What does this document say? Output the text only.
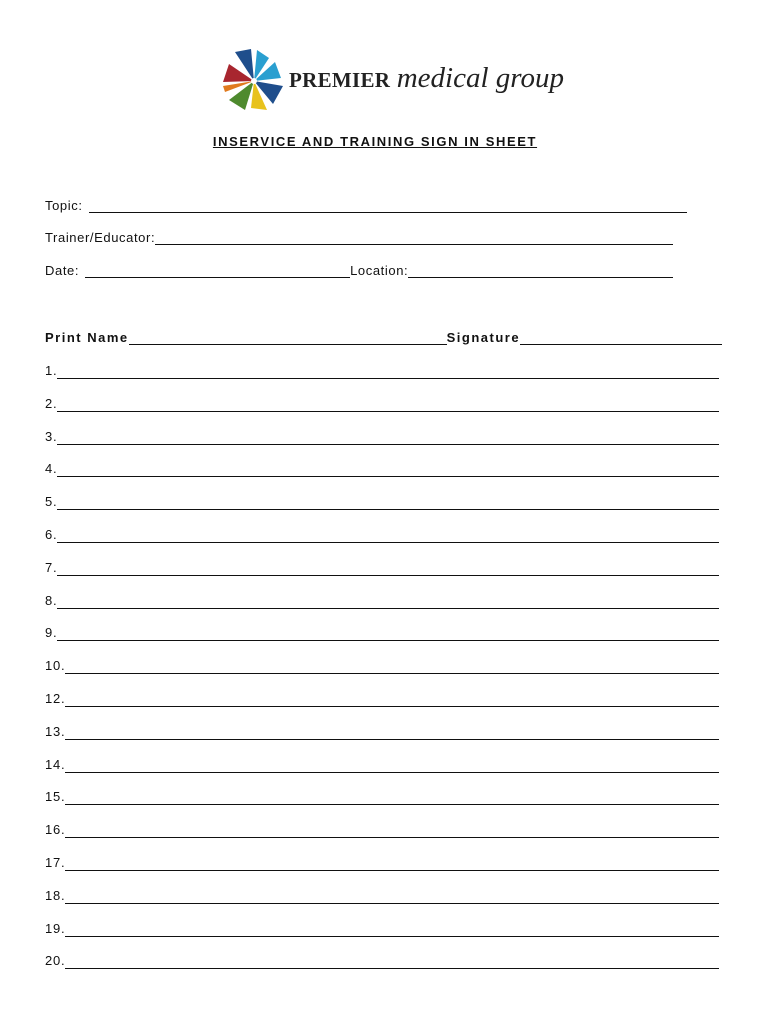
PREMIER medical group
INSERVICE AND TRAINING SIGN IN SHEET
Topic:
Trainer/Educator:
Date:	Location:
Print Name	Signature
1.
2.
3.
4.
5.
6.
7.
8.
9.
10.
12.
13.
14.
15.
16.
17.
18.
19.
20.
